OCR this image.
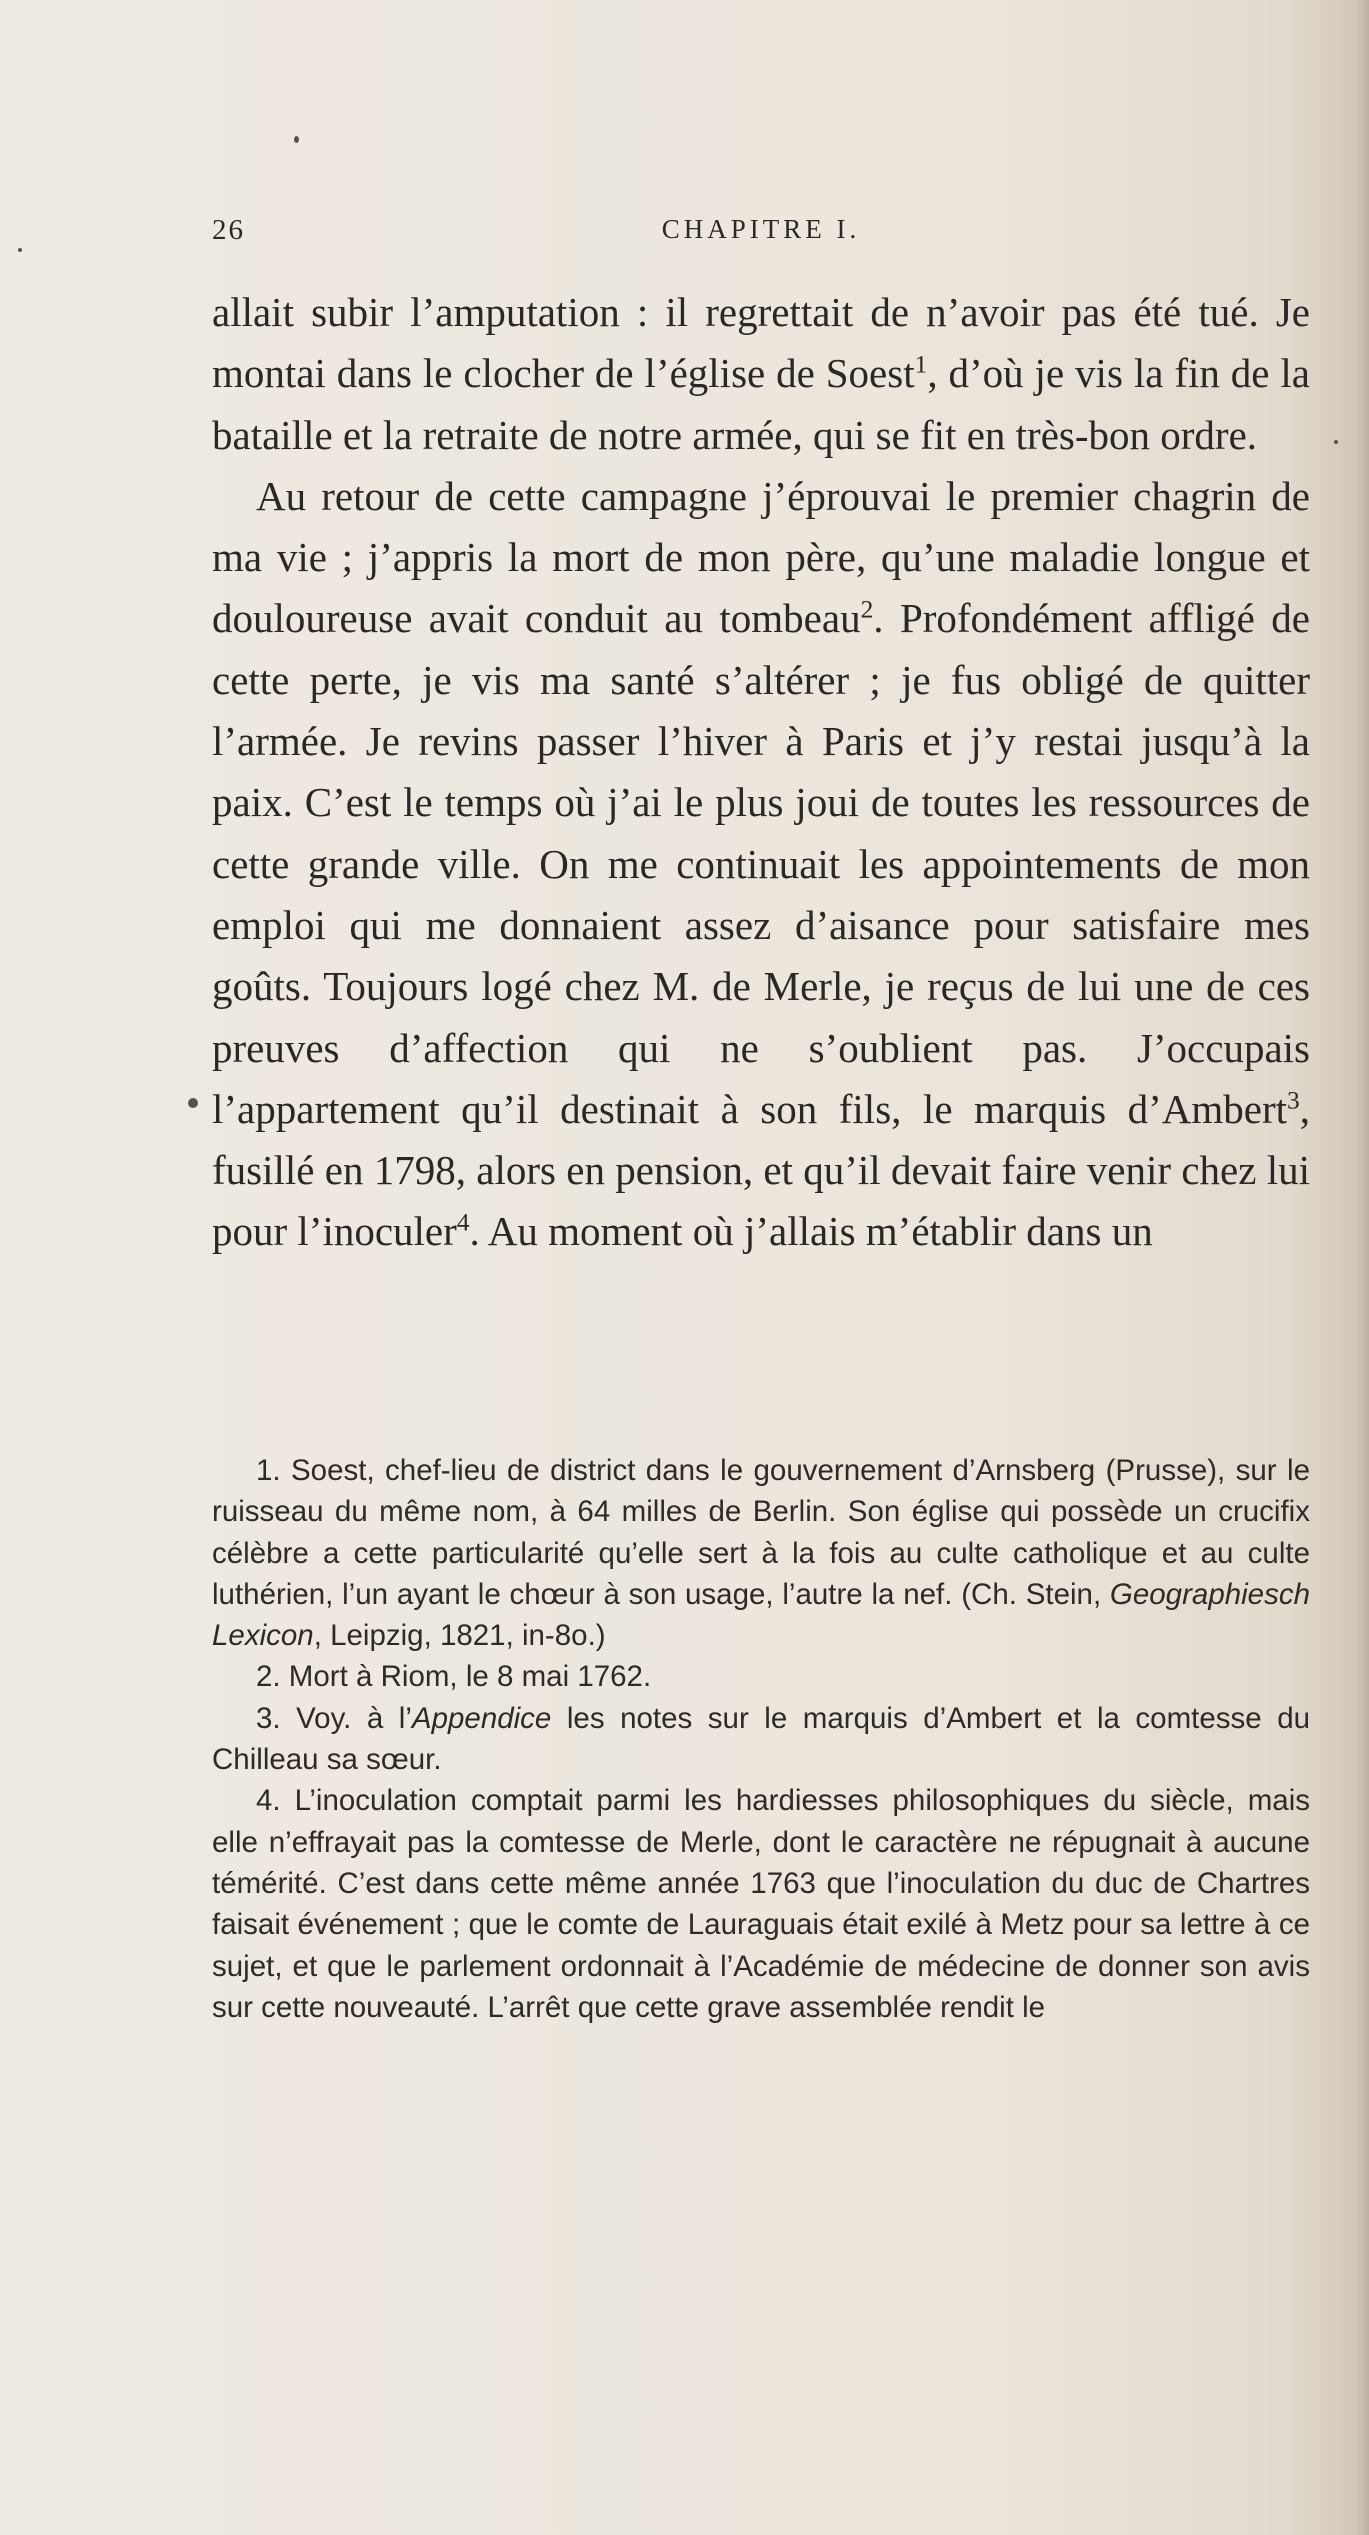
26	CHAPITRE I.

allait subir l’amputation : il regrettait de n’avoir pas été tué. Je montai dans le clocher de l’église de Soest$^1$, d’où je vis la fin de la bataille et la retraite de notre armée, qui se fit en très-bon ordre.

Au retour de cette campagne j’éprouvai le premier chagrin de ma vie ; j’appris la mort de mon père, qu’une maladie longue et douloureuse avait conduit au tombeau$^2$. Profondément affligé de cette perte, je vis ma santé s’altérer ; je fus obligé de quitter l’armée. Je revins passer l’hiver à Paris et j’y restai jusqu’à la paix. C’est le temps où j’ai le plus joui de toutes les ressources de cette grande ville. On me continuait les appointements de mon emploi qui me donnaient assez d’aisance pour satisfaire mes goûts. Toujours logé chez M. de Merle, je reçus de lui une de ces preuves d’affection qui ne s’oublient pas. J’occupais l’appartement qu’il destinait à son fils, le marquis d’Ambert$^3$, fusillé en 1798, alors en pension, et qu’il devait faire venir chez lui pour l’inoculer$^4$. Au moment où j’allais m’établir dans un

1. Soest, chef-lieu de district dans le gouvernement d’Arnsberg (Prusse), sur le ruisseau du même nom, à 64 milles de Berlin. Son église qui possède un crucifix célèbre a cette particularité qu’elle sert à la fois au culte catholique et au culte luthérien, l’un ayant le chœur à son usage, l’autre la nef. (Ch. Stein, Geographiesch Lexicon, Leipzig, 1821, in-8o.)

2. Mort à Riom, le 8 mai 1762.

3. Voy. à l’Appendice les notes sur le marquis d’Ambert et la comtesse du Chilleau sa sœur.

4. L’inoculation comptait parmi les hardiesses philosophiques du siècle, mais elle n’effrayait pas la comtesse de Merle, dont le caractère ne répugnait à aucune témérité. C’est dans cette même année 1763 que l’inoculation du duc de Chartres faisait événement ; que le comte de Lauraguais était exilé à Metz pour sa lettre à ce sujet, et que le parlement ordonnait à l’Académie de médecine de donner son avis sur cette nouveauté. L’arrêt que cette grave assemblée rendit le
